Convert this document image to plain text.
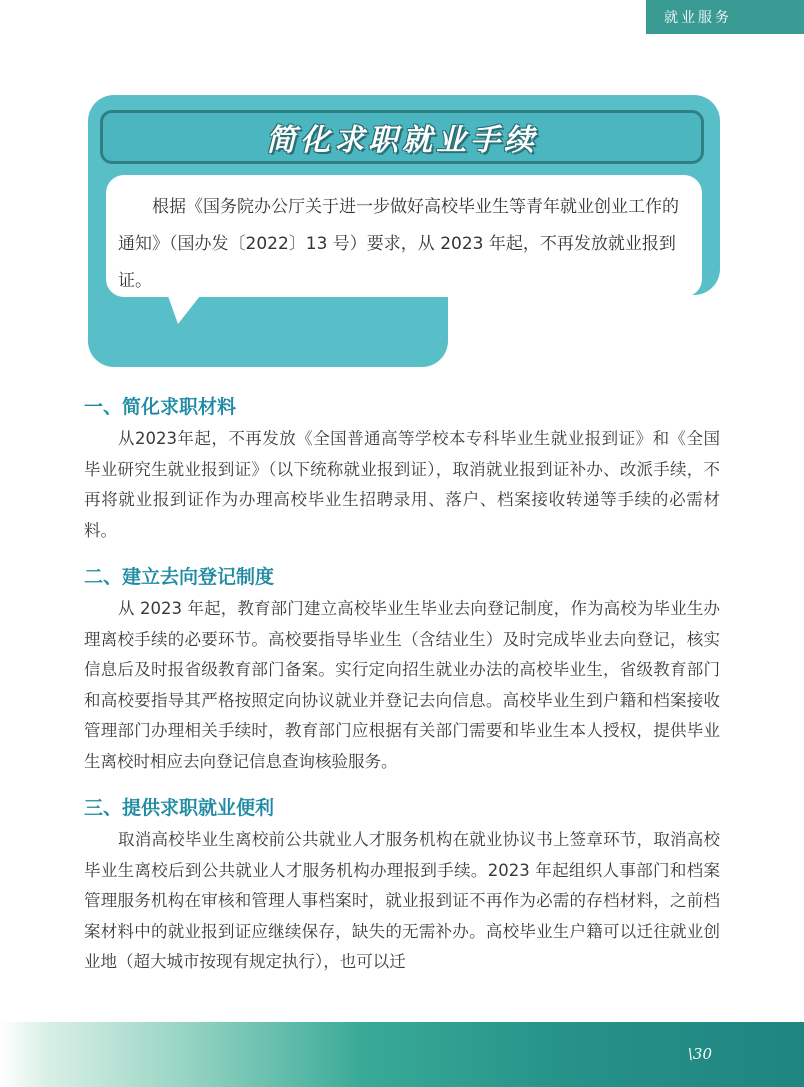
就业服务
简化求职就业手续

根据《国务院办公厅关于进一步做好高校毕业生等青年就业创业工作的通知》（国办发〔2022〕13 号）要求，从 2023 年起，不再发放就业报到证。

一、简化求职材料

从2023年起，不再发放《全国普通高等学校本专科毕业生就业报到证》和《全国毕业研究生就业报到证》（以下统称就业报到证），取消就业报到证补办、改派手续，不再将就业报到证作为办理高校毕业生招聘录用、落户、档案接收转递等手续的必需材料。

二、建立去向登记制度

从 2023 年起，教育部门建立高校毕业生毕业去向登记制度，作为高校为毕业生办理离校手续的必要环节。高校要指导毕业生（含结业生）及时完成毕业去向登记，核实信息后及时报省级教育部门备案。实行定向招生就业办法的高校毕业生，省级教育部门和高校要指导其严格按照定向协议就业并登记去向信息。高校毕业生到户籍和档案接收管理部门办理相关手续时，教育部门应根据有关部门需要和毕业生本人授权，提供毕业生离校时相应去向登记信息查询核验服务。

三、提供求职就业便利

取消高校毕业生离校前公共就业人才服务机构在就业协议书上签章环节，取消高校毕业生离校后到公共就业人才服务机构办理报到手续。2023 年起组织人事部门和档案管理服务机构在审核和管理人事档案时，就业报到证不再作为必需的存档材料，之前档案材料中的就业报到证应继续保存，缺失的无需补办。高校毕业生户籍可以迁往就业创业地（超大城市按现有规定执行），也可以迁

\30
